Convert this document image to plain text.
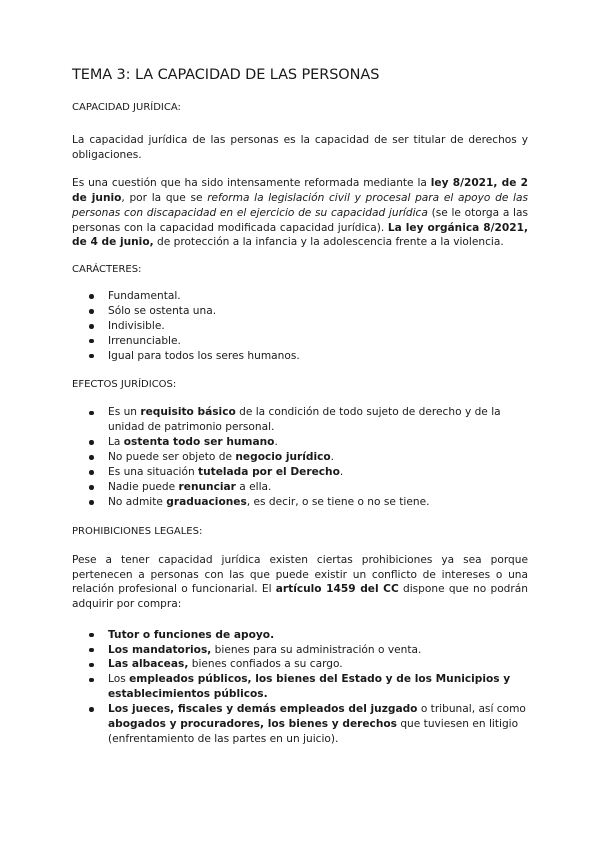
TEMA 3: LA CAPACIDAD DE LAS PERSONAS
CAPACIDAD JURÍDICA:

La capacidad jurídica de las personas es la capacidad de ser titular de derechos y obligaciones.

Es una cuestión que ha sido intensamente reformada mediante la ley 8/2021, de 2 de junio, por la que se reforma la legislación civil y procesal para el apoyo de las personas con discapacidad en el ejercicio de su capacidad jurídica (se le otorga a las personas con la capacidad modificada capacidad jurídica). La ley orgánica 8/2021, de 4 de junio, de protección a la infancia y la adolescencia frente a la violencia.

CARÁCTERES:
Fundamental.
Sólo se ostenta una.
Indivisible.
Irrenunciable.
Igual para todos los seres humanos.
EFECTOS JURÍDICOS:
Es un requisito básico de la condición de todo sujeto de derecho y de la unidad de patrimonio personal.
La ostenta todo ser humano.
No puede ser objeto de negocio jurídico.
Es una situación tutelada por el Derecho.
Nadie puede renunciar a ella.
No admite graduaciones, es decir, o se tiene o no se tiene.
PROHIBICIONES LEGALES:

Pese a tener capacidad jurídica existen ciertas prohibiciones ya sea porque pertenecen a personas con las que puede existir un conflicto de intereses o una relación profesional o funcionarial. El artículo 1459 del CC dispone que no podrán adquirir por compra:

Tutor o funciones de apoyo.
Los mandatorios, bienes para su administración o venta.
Las albaceas, bienes confiados a su cargo.
Los empleados públicos, los bienes del Estado y de los Municipios y establecimientos públicos.
Los jueces, fiscales y demás empleados del juzgado o tribunal, así como abogados y procuradores, los bienes y derechos que tuviesen en litigio (enfrentamiento de las partes en un juicio).
